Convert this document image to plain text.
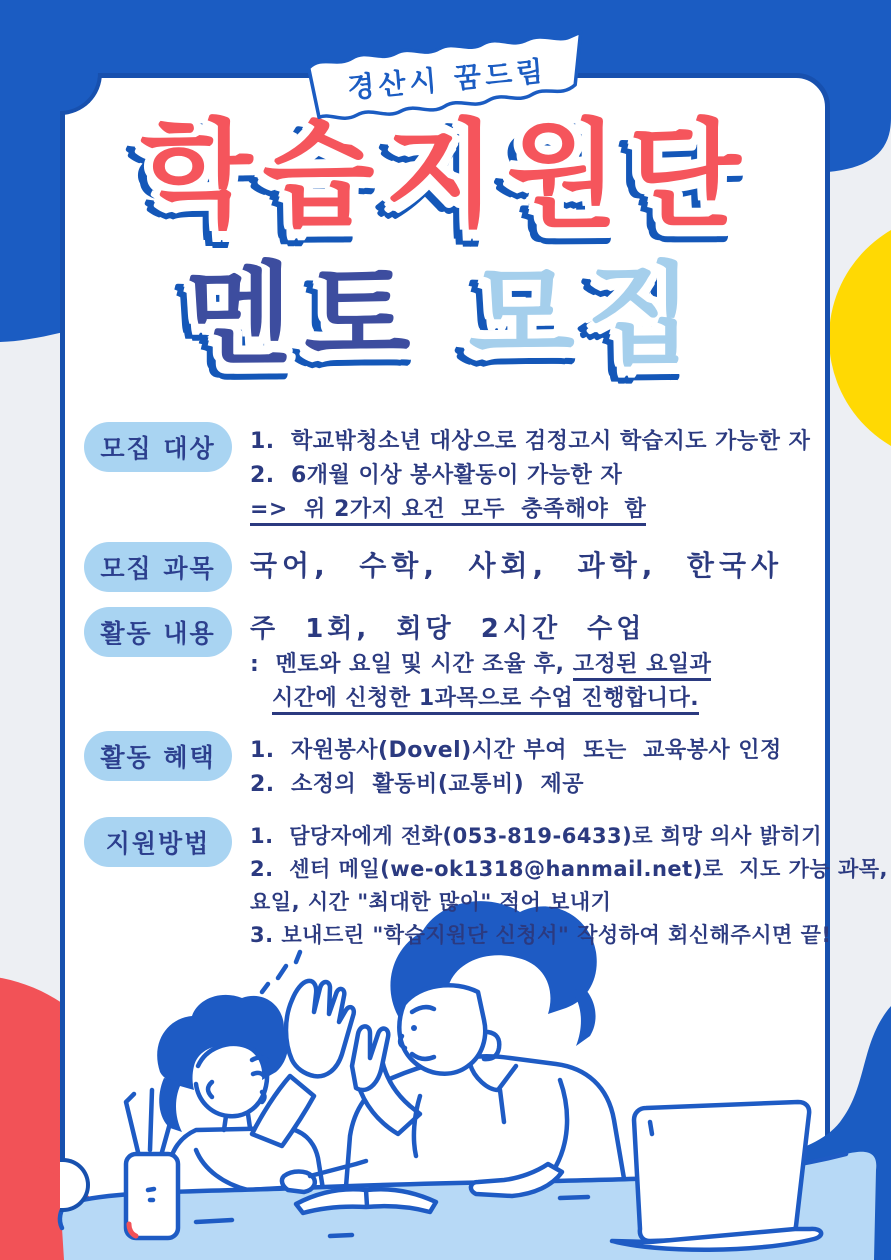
경산시 꿈드림
학습지원단
멘토 모집
모집 대상	1.  학교밖청소년 대상으로 검정고시 학습지도 가능한 자
2.  6개월 이상 봉사활동이 가능한 자
=>  위 2가지 요건  모두  충족해야  함
모집 과목	국어,  수학,  사회,  과학,  한국사
활동 내용	주  1회,  회당  2시간  수업
:  멘토와 요일 및 시간 조율 후, 고정된 요일과
시간에 신청한 1과목으로 수업 진행합니다.
활동 혜택	1.  자원봉사(Dovel)시간 부여  또는  교육봉사 인정
2.  소정의  활동비(교통비)  제공
지원방법	1.  담당자에게 전화(053-819-6433)로 희망 의사 밝히기
2.  센터 메일(we-ok1318@hanmail.net)로  지도 가능 과목,
요일, 시간 "최대한 많이" 적어 보내기
3. 보내드린 "학습지원단 신청서" 작성하여 회신해주시면 끝!
